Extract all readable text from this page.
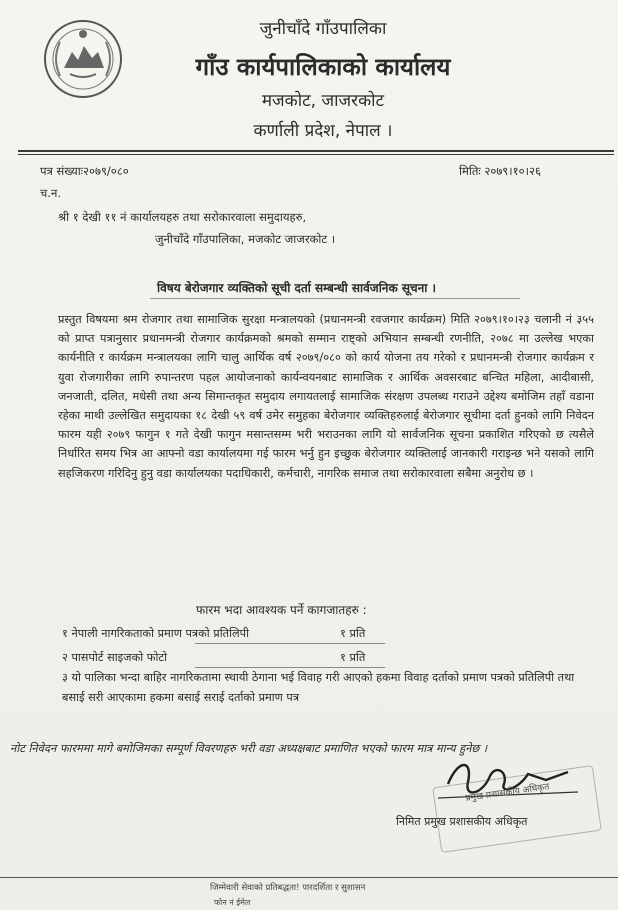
जुनीचाँदे गाँउपालिका
गाँउ कार्यपालिकाको कार्यालय
मजकोट, जाजरकोट
कर्णाली प्रदेश, नेपाल ।
पत्र संख्याः२०७९/०८०	मितिः २०७९।१०।२६
च.न.
श्री १ देखी ११ नं कार्यालयहरु तथा सरोकारवाला समुदायहरु,
जुनीचाँदे गाँउपालिका, मजकोट जाजरकोट ।
विषय बेरोजगार व्यक्तिको सूची दर्ता सम्बन्धी सार्वजनिक सूचना ।
प्रस्तुत विषयमा श्रम रोजगार तथा सामाजिक सुरक्षा मन्त्रालयको (प्रधानमन्त्री रवजगार कार्यक्रम) मिति २०७९।१०।२३ चलानी नं ३५५ को प्राप्त पत्रानुसार प्रधानमन्त्री रोजगार कार्यक्रमको श्रमको सम्मान राष्ट्को अभियान सम्बन्धी रणनीति, २०७८ मा उल्लेख भएका कार्यनीति र कार्यक्रम मन्त्रालयका लागि चालु आर्थिक वर्ष २०७९/०८० को कार्य योजना तय गरेको र प्रधानमन्त्री रोजगार कार्यक्रम र युवा रोजगारीका लागि रुपान्तरण पहल आयोजनाको कार्यन्वयनबाट सामाजिक र आर्थिक अवसरबाट बन्चित महिला, आदीबासी, जनजाती, दलित, मधेसी तथा अन्य सिमान्तकृत समुदाय लगायतलाई सामाजिक संरक्षण उपलब्ध गराउने उद्देश्य बमोजिम तहाँ वडाना रहेका माथी उल्लेखित समुदायका १८ देखी ५९ वर्ष उमेर समुहका बेरोजगार व्यक्तिहरुलाई बेरोजगार सूचीमा दर्ता हुनको लागि निवेदन फारम यही २०७९ फागुन १ गते देखी फागुन मसान्तसम्म भरी भराउनका लागि यो सार्वजनिक सूचना प्रकाशित गरिएको छ त्यसैले निर्धारित समय भित्र आ आफ्नो वडा कार्यालयमा गई फारम भर्नु हुन इच्छुक बेरोजगार व्यक्तिलाई जानकारी गराइन्छ भने यसको लागि सहजिकरण गरिदिनु हुनु वडा कार्यालयका पदाधिकारी, कर्मचारी, नागरिक समाज तथा सरोकारवाला सबैमा अनुरोध छ ।
फारम भदा आवश्यक पर्ने कागजातहरु :
१ नेपाली नागरिकताको प्रमाण पत्रको प्रतिलिपी	१ प्रति
२ पासपोर्ट साइजको फोटो	१ प्रति
३ यो पालिका भन्दा बाहिर नागरिकतामा स्थायी ठेगाना भई विवाह गरी आएको हकमा विवाह दर्ताको प्रमाण पत्रको प्रतिलिपी तथा बसाई सरी आएकामा हकमा बसाई सराई दर्ताको प्रमाण पत्र
नोट निवेदन फारममा मागे बमोजिमका सम्पूर्ण विवरणहरु भरी वडा अध्यक्षबाट प्रमाणित भएको फारम मात्र मान्य हुनेछ ।
प्रमुख प्रशासकीय अधिकृत
निमित प्रमुख प्रशासकीय अधिकृत
जिम्मेवारी सेवाको प्रतिबद्धता! पारदर्शिता र सुशासन
फोन नं ईमेल
